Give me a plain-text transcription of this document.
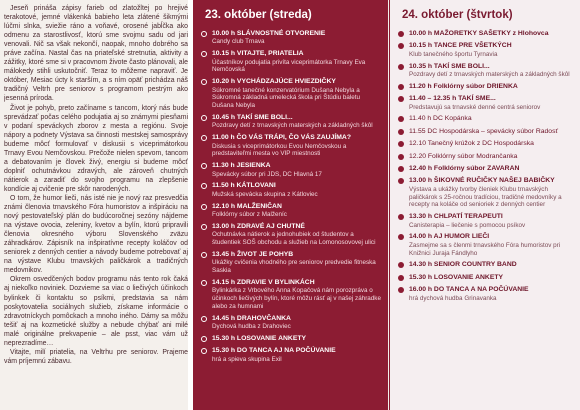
Jeseň prináša zápisy farieb od zlatožltej po hrejivé terakotové, jemné vlákenká babieho leta zlátené šikmými lúčmi slnka, sviežie ráno a voňavé, orosené jabĺčka ako odmenu za starostlivosť, ktorú sme svojmu sadu od jari venovali. Nič sa však nekončí, naopak, mnoho dobrého sa práve začína. Nastal čas na priateľské stretnutia, aktivity a zážitky, ktoré sme si v pracovnom živote často plánovali, ale málokedy stihli uskutočniť. Teraz to môžeme napraviť. Je október, Mesiac úcty k starším, a s ním opäť prichádza náš tradičný Veltrh pre seniorov s programom pestrým ako jesenná príroda.

Život je pohyb, preto začíname s tancom, ktorý nás bude sprevádzať počas celého podujatia aj so známymi piesňami v podaní speváckych zborov z mesta a regiónu. Svoje nápory a podnety Výstava sa činnosti mestskej samosprávy budeme môcť formulovať v diskusii s viceprimátorkou Trnavy Evou Nemčovskou. Prečože nielen spevom, tancom a debatovaním je človek živý, energiu si budeme môcť doplniť ochutnávkou zdravých, ale zároveň chutných nátierok a zaradiť do svojho programu na zlepšenie kondície aj cvičenie pre skôr narodených.

O tom, že humor lieči, nás isté nie je nový raz presvedčia známi členovia trnavského Fóra humoristov a inšpiráciu na nový pestovateľský plán do budúcoročnej sezóny nájdeme na výstave ovocia, zeleniny, kvetov a bylín, ktorú pripravili členovia okresného výboru Slovenského zväzu záhradkárov. Zápisník na inšpiratívne recepty koláčov od seniorek z denných centier a návody budeme potrebovať aj na výstave Klubu trnavských paličkárok a tradičných medovnikov.

Okrem osvedčených bodov programu nás tento rok čaká aj niekoľko noviniek. Dozvieme sa viac o liečivých účinkoch bylinkek či kontaktu so psíkmi, predstavia sa nám poskytovatelia sociálnych služieb, získame informácie o zdravotníckych pomôckach a mnoho iného. Dámy sa môžu tešiť aj na kozmetické služby a nebude chýbať ani milé malé originálne prekvapenie – ale psst, viac vám už neprezradíme…

Vitajte, milí priatelia, na Veltrhu pre seniorov. Prajeme vám príjemnú zábavu.

23. október (streda)
10.00 h SLÁVNOSTNÉ OTVORENIE
Candy club Trnava
10.15 h VITAJTE, PRIATELIA
Účastníkov podujatia privíta viceprimátorka Trnavy Eva Nemčovská
10.20 h VYCHÁDZAJÚCE HVIEZDIČKY
Súkromné tanečné konzervatórium Dušana Nebyla a Súkromná základná umelecká škola pri Štúdiu baletu Dušana Nebyla
10.45 h TAKÍ SME BOLI...
Pozdravy detí z trnavských materských a základných škôl
11.00 h ČO VÁS TRÁPI, ČO VÁS ZAUJÍMA?
Diskusia s viceprimátorkou Evou Nemčovskou a predstaviteľmi mesta vo VIP miestnosti
11.30 h JESIENKA
Spevácky súbor pri JDS, DC Hlavná 17
11.50 h KÁTLOVANI
Mužská spevácka skupina z Kátloviec
12.10 h MALŽENIČAN
Folklórny súbor z Malženíc
13.00 h ZDRAVÉ AJ CHUTNÉ
Ochutnávka nátierok a jednohubiek od študentov a študentiek SOŠ obchodu a služieb na Lomonosovovej ulici
13.45 h ŽIVOT JE POHYB
Ukážky cvičenia vhodného pre seniorov predvedie fitneska Saskia
14.15 h ZDRAVIE V BYLINKÁCH
Bylinkárka z Vrbového Anna Kopačová nám porozpráva o účinkoch liečivých bylín, ktoré môžu rásť aj v našej záhradke alebo za humnami
14.45 h DRAHOVČANKA
Dychová hudba z Drahoviec
15.30 h LOSOVANIE ANKETY
15.30 h DO TANCA AJ NA POČÚVANIE
hrá a spieva skupina Exil
24. október (štvrtok)
10.00 h MAŽORETKY SAŠETKY z Hlohovca
10.15 h TANCE PRE VŠETKÝCH
Klub tanečného športu Tyrnavia
10.35 h TAKÍ SME BOLI...
Pozdravy detí z trnavských materských a základných škôl
11.20 h Folklórny súbor DRIENKA
11.40 – 12.35 h TAKÍ SME...
Predstavujú sa trnavské denné centrá seniorov
11.40 h DC Kopánka
11.55 DC Hospodárska – spevácky súbor Radosť
12.10 Tanečný krúžok z DC Hospodárska
12.20 Folklórny súbor Modrančanka
12.40 h Folklórny súbor ZAVARAN
13.00 h ŠIKOVNÉ RUČIČKY NAŠEJ BABIČKY
Výstava a ukážky tvorby členiek Klubu trnavských paličkárok s 25-ročnou tradíciou, tradičné medovníky a recepty na koláče od senioriek z denných centier
13.30 h CHLPATÍ TERAPEUTI
Canisterapia – liečenie s pomocou psíkov
14.00 h AJ HUMOR LIEČI
Zasmejme sa s členmi trnavského Fóra humoristov pri Knižnici Juraja Fándlyho
14.30 h SENIOR COUNTRY BAND
15.30 h LOSOVANIE ANKETY
16.00 h DO TANCA A NA POČÚVANIE
hrá dychová hudba Grinavanka
